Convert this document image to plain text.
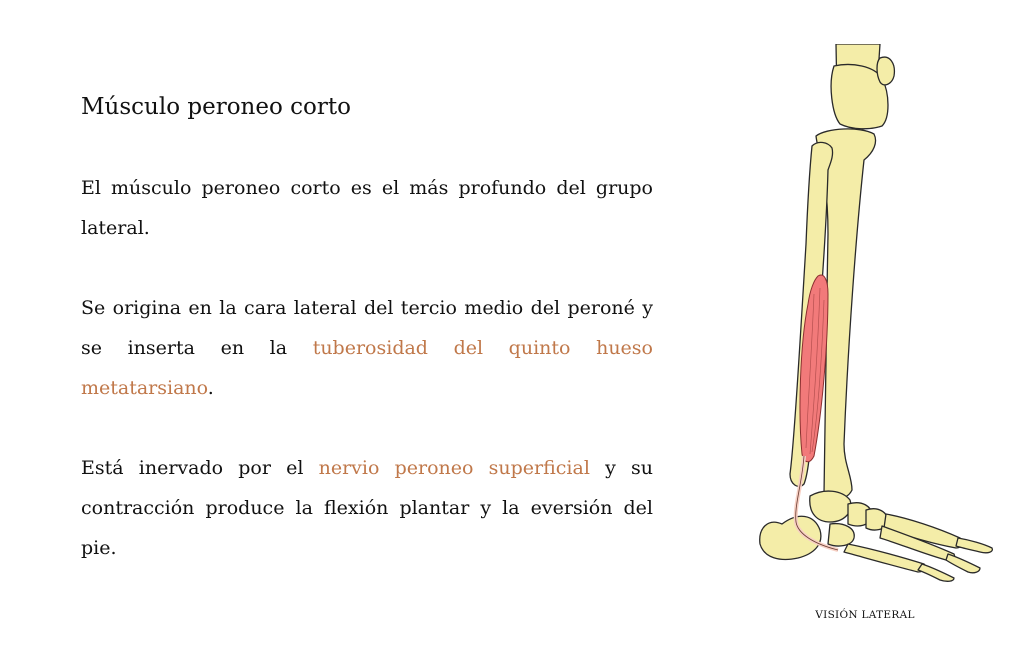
Músculo peroneo corto

El músculo peroneo corto es el más profundo del grupo lateral.

Se origina en la cara lateral del tercio medio del peroné y se inserta en la tuberosidad del quinto hueso metatarsiano.

Está inervado por el nervio peroneo superficial y su contracción produce la flexión plantar y la eversión del pie.

VISIÓN LATERAL
